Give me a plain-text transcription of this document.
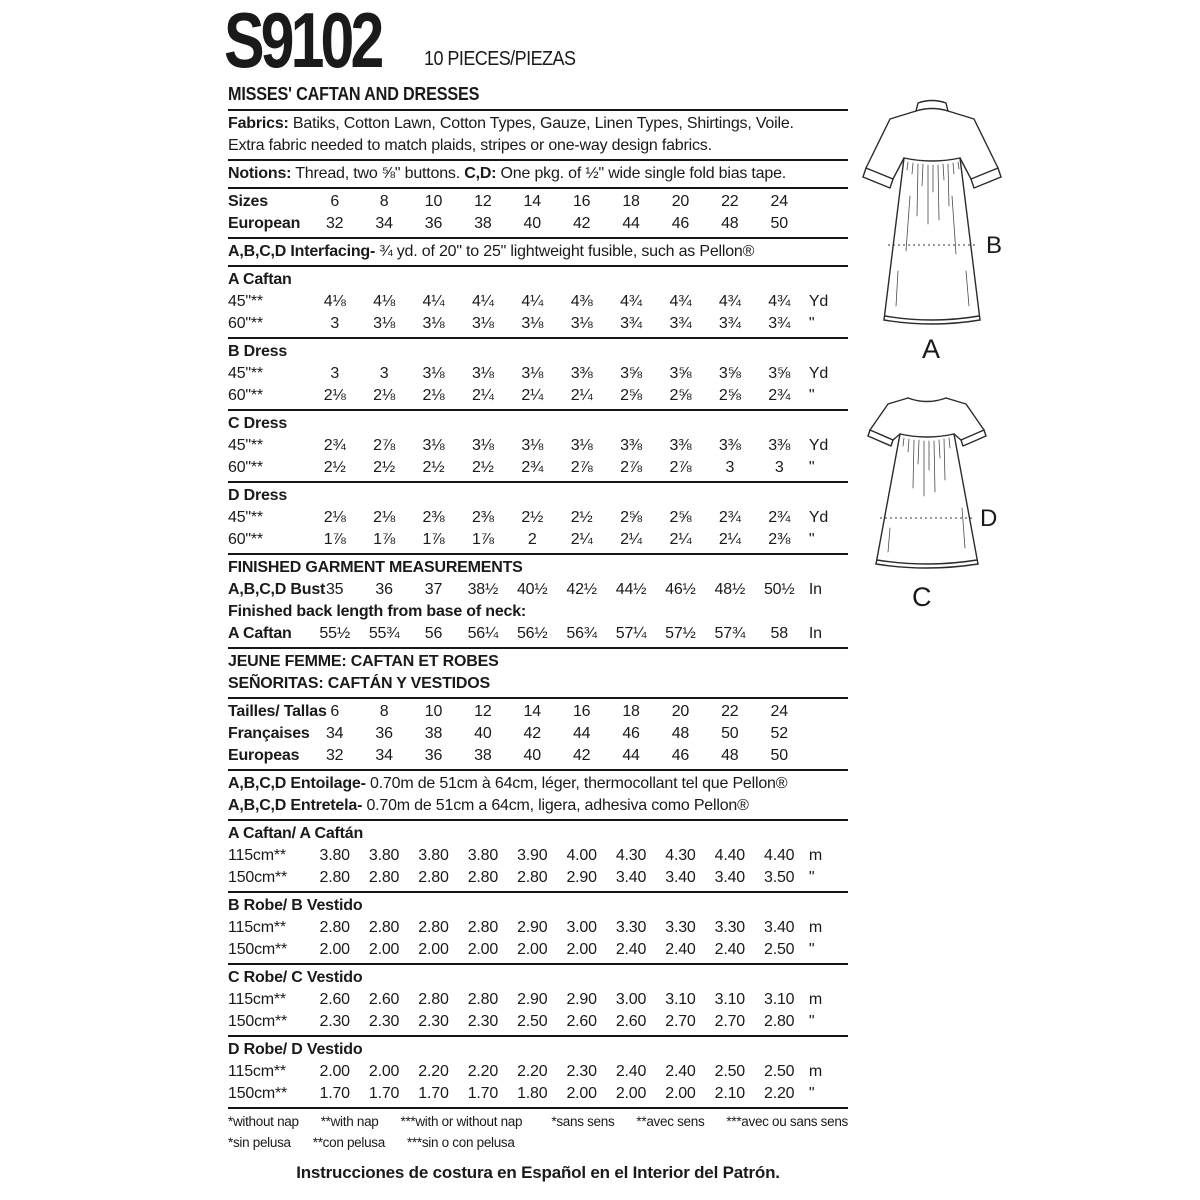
S9102 10 PIECES/PIEZAS
MISSES' CAFTAN AND DRESSES
Fabrics: Batiks, Cotton Lawn, Cotton Types, Gauze, Linen Types, Shirtings, Voile.
Extra fabric needed to match plaids, stripes or one-way design fabrics.
Notions: Thread, two ⅝" buttons. C,D: One pkg. of ½" wide single fold bias tape.
Sizes	6	8	10	12	14	16	18	20	22	24
European	32	34	36	38	40	42	44	46	48	50
A,B,C,D Interfacing- ¾ yd. of 20" to 25" lightweight fusible, such as Pellon®
A Caftan
45"**	4⅛	4⅛	4¼	4¼	4¼	4⅜	4¾	4¾	4¾	4¾	Yd
60"**	3	3⅛	3⅛	3⅛	3⅛	3⅛	3¾	3¾	3¾	3¾	"
B Dress
45"**	3	3	3⅛	3⅛	3⅛	3⅜	3⅝	3⅝	3⅝	3⅝	Yd
60"**	2⅛	2⅛	2⅛	2¼	2¼	2¼	2⅝	2⅝	2⅝	2¾	"
C Dress
45"**	2¾	2⅞	3⅛	3⅛	3⅛	3⅛	3⅜	3⅜	3⅜	3⅜	Yd
60"**	2½	2½	2½	2½	2¾	2⅞	2⅞	2⅞	3	3	"
D Dress
45"**	2⅛	2⅛	2⅜	2⅜	2½	2½	2⅝	2⅝	2¾	2¾	Yd
60"**	1⅞	1⅞	1⅞	1⅞	2	2¼	2¼	2¼	2¼	2⅜	"
FINISHED GARMENT MEASUREMENTS
A,B,C,D Bust 35	36	37	38½	40½	42½	44½	46½	48½	50½ In
Finished back length from base of neck:
A Caftan	55½	55¾	56	56¼	56½	56¾	57¼	57½	57¾	58	In
JEUNE FEMME: CAFTAN ET ROBES
SEÑORITAS: CAFTÁN Y VESTIDOS
Tailles/ Tallas 6	8	10	12	14	16	18	20	22	24
Françaises	34	36	38	40	42	44	46	48	50	52
Europeas	32	34	36	38	40	42	44	46	48	50
A,B,C,D Entoilage- 0.70m de 51cm à 64cm, léger, thermocollant tel que Pellon®
A,B,C,D Entretela- 0.70m de 51cm a 64cm, ligera, adhesiva como Pellon®
A Caftan/ A Caftán
115cm**	3.80	3.80	3.80	3.80	3.90	4.00	4.30	4.30	4.40	4.40 m
150cm**	2.80	2.80	2.80	2.80	2.80	2.90	3.40	3.40	3.40	3.50 "
B Robe/ B Vestido
115cm**	2.80	2.80	2.80	2.80	2.90	3.00	3.30	3.30	3.30	3.40 m
150cm**	2.00	2.00	2.00	2.00	2.00	2.00	2.40	2.40	2.40	2.50 "
C Robe/ C Vestido
115cm**	2.60	2.60	2.80	2.80	2.90	2.90	3.00	3.10	3.10	3.10 m
150cm**	2.30	2.30	2.30	2.30	2.50	2.60	2.60	2.70	2.70	2.80 "
D Robe/ D Vestido
115cm**	2.00	2.00	2.20	2.20	2.20	2.30	2.40	2.40	2.50	2.50 m
150cm**	1.70	1.70	1.70	1.70	1.80	2.00	2.00	2.00	2.10	2.20 "
*without nap **with nap ***with or without nap *sans sens **avec sens ***avec ou sans sens
*sin pelusa **con pelusa ***sin o con pelusa
Instrucciones de costura en Español en el Interior del Patrón.
B
A
D
C
